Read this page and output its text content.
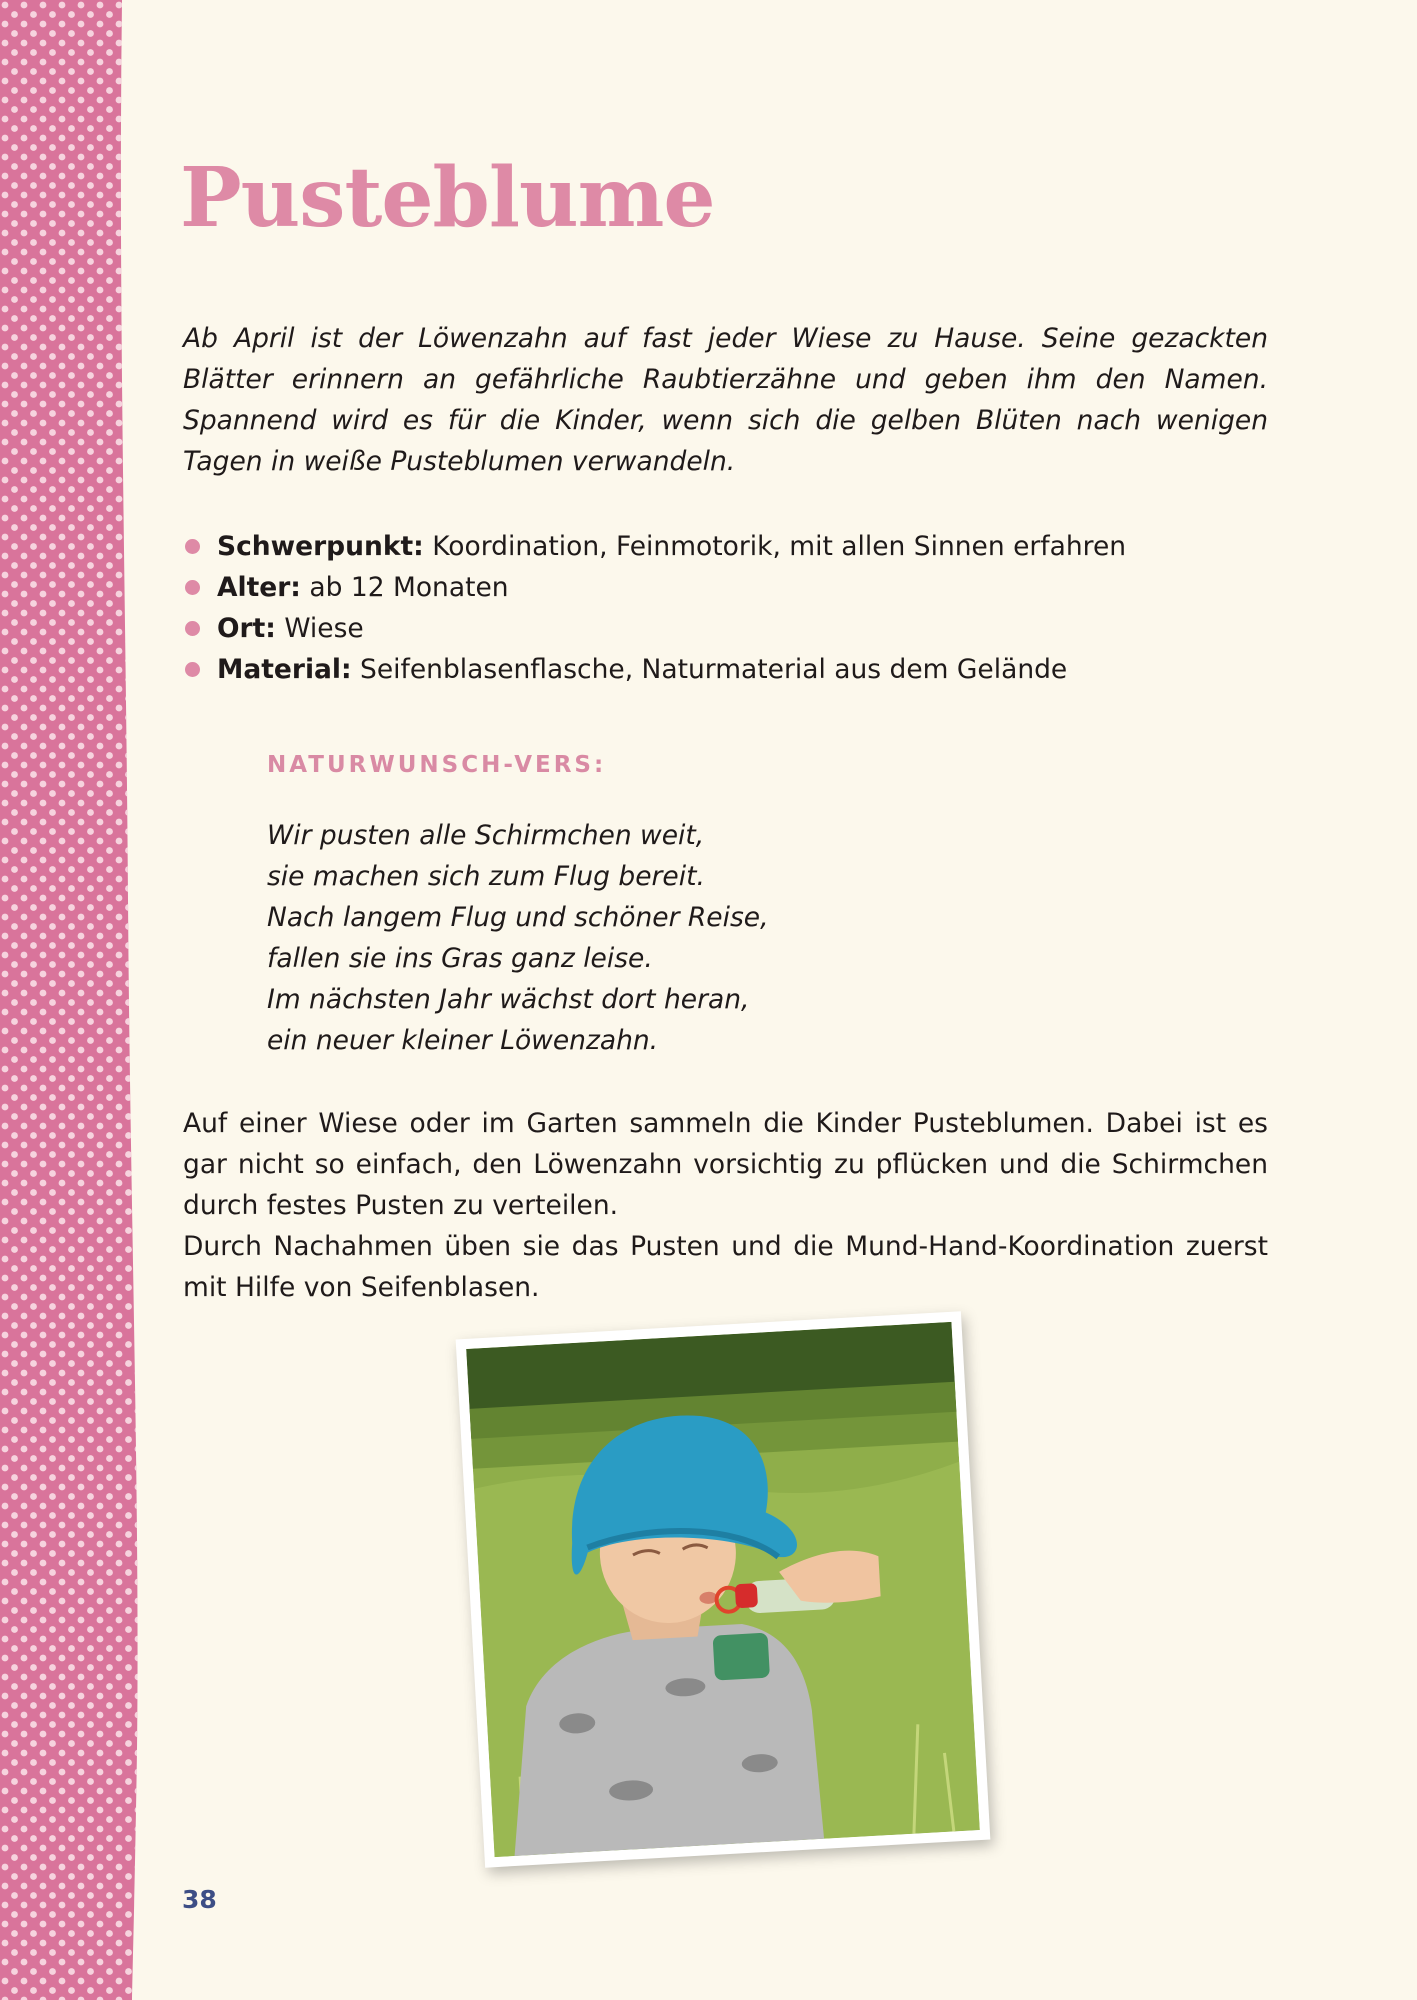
Pusteblume

Ab April ist der Löwenzahn auf fast jeder Wiese zu Hause. Seine gezackten Blätter erinnern an gefährliche Raubtierzähne und geben ihm den Namen. Spannend wird es für die Kinder, wenn sich die gelben Blüten nach wenigen Tagen in weiße Pusteblumen verwandeln.

Schwerpunkt: Koordination, Feinmotorik, mit allen Sinnen erfahren
Alter: ab 12 Monaten
Ort: Wiese
Material: Seifenblasenflasche, Naturmaterial aus dem Gelände
NATURWUNSCH-VERS:
Wir pusten alle Schirmchen weit,
sie machen sich zum Flug bereit.
Nach langem Flug und schöner Reise,
fallen sie ins Gras ganz leise.
Im nächsten Jahr wächst dort heran,
ein neuer kleiner Löwenzahn.

Auf einer Wiese oder im Garten sammeln die Kinder Pusteblumen. Dabei ist es gar nicht so einfach, den Löwenzahn vorsichtig zu pflücken und die Schirmchen durch festes Pusten zu verteilen.

Durch Nachahmen üben sie das Pusten und die Mund-Hand-Koordination zuerst mit Hilfe von Seifenblasen.

38
